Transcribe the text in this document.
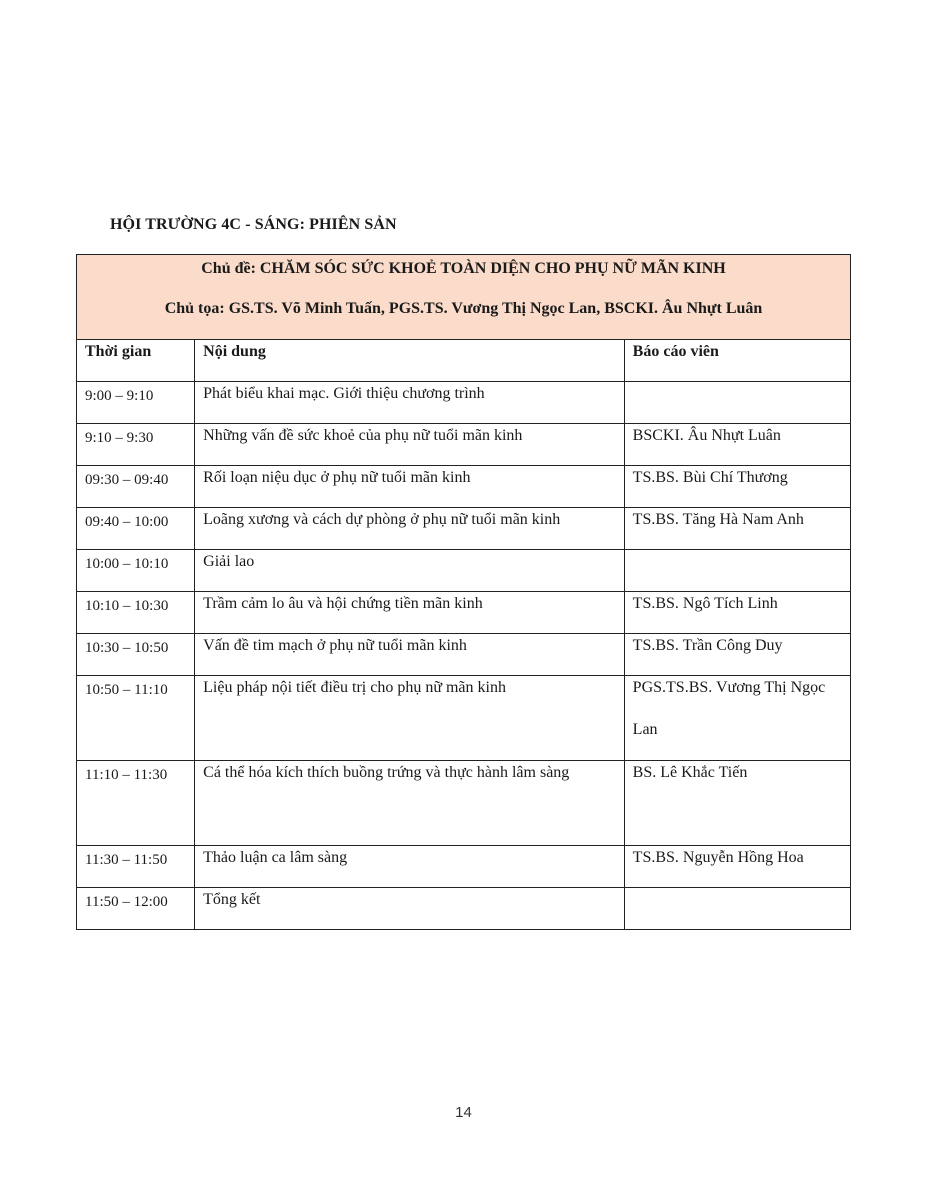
HỘI TRƯỜNG 4C - SÁNG: PHIÊN SẢN
Chủ đề: CHĂM SÓC SỨC KHOẺ TOÀN DIỆN CHO PHỤ NỮ MÃN KINH
Chủ tọa: GS.TS. Võ Minh Tuấn, PGS.TS. Vương Thị Ngọc Lan, BSCKI. Âu Nhựt Luân		

Thời gian	Nội dung	Báo cáo viên

9:00 – 9:10	Phát biểu khai mạc. Giới thiệu chương trình	

9:10 – 9:30	Những vấn đề sức khoẻ của phụ nữ tuổi mãn kinh	BSCKI. Âu Nhựt Luân

09:30 – 09:40	Rối loạn niệu dục ở phụ nữ tuổi mãn kinh	TS.BS. Bùi Chí Thương

09:40 – 10:00	Loãng xương và cách dự phòng ở phụ nữ tuổi mãn kinh	TS.BS. Tăng Hà Nam Anh

10:00 – 10:10	Giải lao	

10:10 – 10:30	Trầm cảm lo âu và hội chứng tiền mãn kinh	TS.BS. Ngô Tích Linh

10:30 – 10:50	Vấn đề tim mạch ở phụ nữ tuổi mãn kinh	TS.BS. Trần Công Duy

10:50 – 11:10	Liệu pháp nội tiết điều trị cho phụ nữ mãn kinh	PGS.TS.BS. Vương Thị Ngọc Lan

11:10 – 11:30	Cá thể hóa kích thích buồng trứng và thực hành lâm sàng	BS. Lê Khắc Tiến

11:30 – 11:50	Thảo luận ca lâm sàng	TS.BS. Nguyễn Hồng Hoa

11:50 – 12:00	Tổng kết	

14
